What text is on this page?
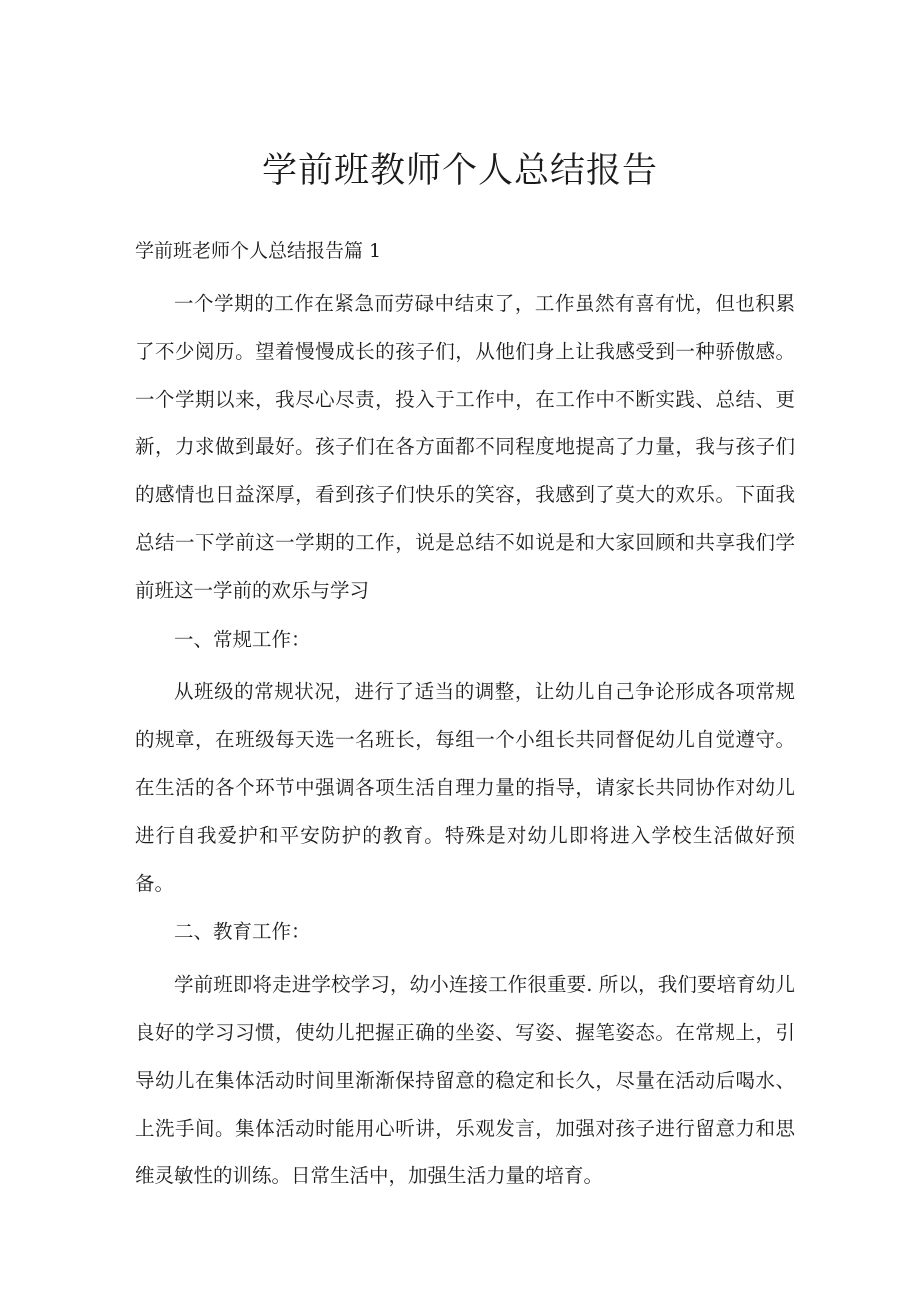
学前班教师个人总结报告

学前班老师个人总结报告篇 1

一个学期的工作在紧急而劳碌中结束了，工作虽然有喜有忧，但也积累了不少阅历。望着慢慢成长的孩子们，从他们身上让我感受到一种骄傲感。一个学期以来，我尽心尽责，投入于工作中，在工作中不断实践、总结、更新，力求做到最好。孩子们在各方面都不同程度地提高了力量，我与孩子们的感情也日益深厚，看到孩子们快乐的笑容，我感到了莫大的欢乐。下面我总结一下学前这一学期的工作，说是总结不如说是和大家回顾和共享我们学前班这一学前的欢乐与学习

一、常规工作：

从班级的常规状况，进行了适当的调整，让幼儿自己争论形成各项常规的规章，在班级每天选一名班长，每组一个小组长共同督促幼儿自觉遵守。在生活的各个环节中强调各项生活自理力量的指导，请家长共同协作对幼儿进行自我爱护和平安防护的教育。特殊是对幼儿即将进入学校生活做好预备。

二、教育工作：

学前班即将走进学校学习，幼小连接工作很重要. 所以，我们要培育幼儿良好的学习习惯，使幼儿把握正确的坐姿、写姿、握笔姿态。在常规上，引导幼儿在集体活动时间里渐渐保持留意的稳定和长久，尽量在活动后喝水、上洗手间。集体活动时能用心听讲，乐观发言，加强对孩子进行留意力和思维灵敏性的训练。日常生活中，加强生活力量的培育。
